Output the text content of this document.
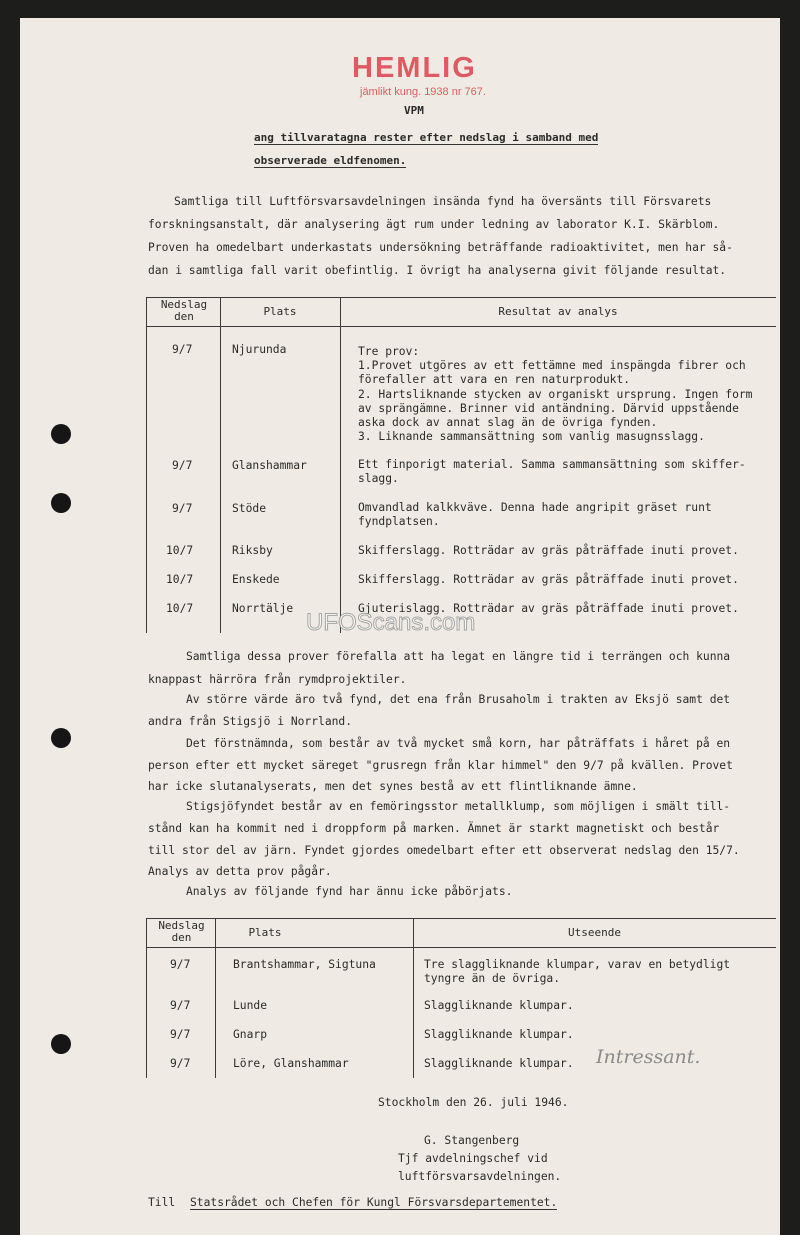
HEMLIG
jämlikt kung. 1938 nr 767.
VPM
ang tillvaratagna rester efter nedslag i samband med
observerade eldfenomen.
Samtliga till Luftförsvarsavdelningen insända fynd ha översänts till Försvarets
forskningsanstalt, där analysering ägt rum under ledning av laborator K.I. Skärblom.
Proven ha omedelbart underkastats undersökning beträffande radioaktivitet, men har så-
dan i samtliga fall varit obefintlig. I övrigt ha analyserna givit följande resultat.
Nedslag den	Plats	Resultat av analys
9/7	Njurunda	Tre prov:
1.Provet utgöres av ett fettämne med inspängda fibrer och
förefaller att vara en ren naturprodukt.
2. Hartsliknande stycken av organiskt ursprung. Ingen form
av sprängämne. Brinner vid antändning. Därvid uppstående
aska dock av annat slag än de övriga fynden.
3. Liknande sammansättning som vanlig masugnsslagg.
9/7	Glanshammar	Ett finporigt material. Samma sammansättning som skiffer-
slagg.
9/7	Stöde	Omvandlad kalkkväve. Denna hade angripit gräset runt
fyndplatsen.
10/7	Riksby	Skifferslagg. Rotträdar av gräs påträffade inuti provet.
10/7	Enskede	Skifferslagg. Rotträdar av gräs påträffade inuti provet.
10/7	Norrtälje	Gjuterislagg. Rotträdar av gräs påträffade inuti provet.
UFOScans.com
Samtliga dessa prover förefalla att ha legat en längre tid i terrängen och kunna
knappast härröra från rymdprojektiler.
Av större värde äro två fynd, det ena från Brusaholm i trakten av Eksjö samt det
andra från Stigsjö i Norrland.
Det förstnämnda, som består av två mycket små korn, har påträffats i håret på en
person efter ett mycket säreget "grusregn från klar himmel" den 9/7 på kvällen. Provet
har icke slutanalyserats, men det synes bestå av ett flintliknande ämne.
Stigsjöfyndet består av en femöringsstor metallklump, som möjligen i smält till-
stånd kan ha kommit ned i droppform på marken. Ämnet är starkt magnetiskt och består
till stor del av järn. Fyndet gjordes omedelbart efter ett observerat nedslag den 15/7.
Analys av detta prov pågår.
Analys av följande fynd har ännu icke påbörjats.
Nedslag den	Plats	Utseende
9/7	Brantshammar, Sigtuna	Tre slaggliknande klumpar, varav en betydligt
tyngre än de övriga.
9/7	Lunde	Slaggliknande klumpar.
9/7	Gnarp	Slaggliknande klumpar.
9/7	Löre, Glanshammar	Slaggliknande klumpar. Intressant.
Stockholm den 26. juli 1946.
G. Stangenberg
Tjf avdelningschef vid
luftförsvarsavdelningen.
Till Statsrådet och Chefen för Kungl Försvarsdepartementet.
